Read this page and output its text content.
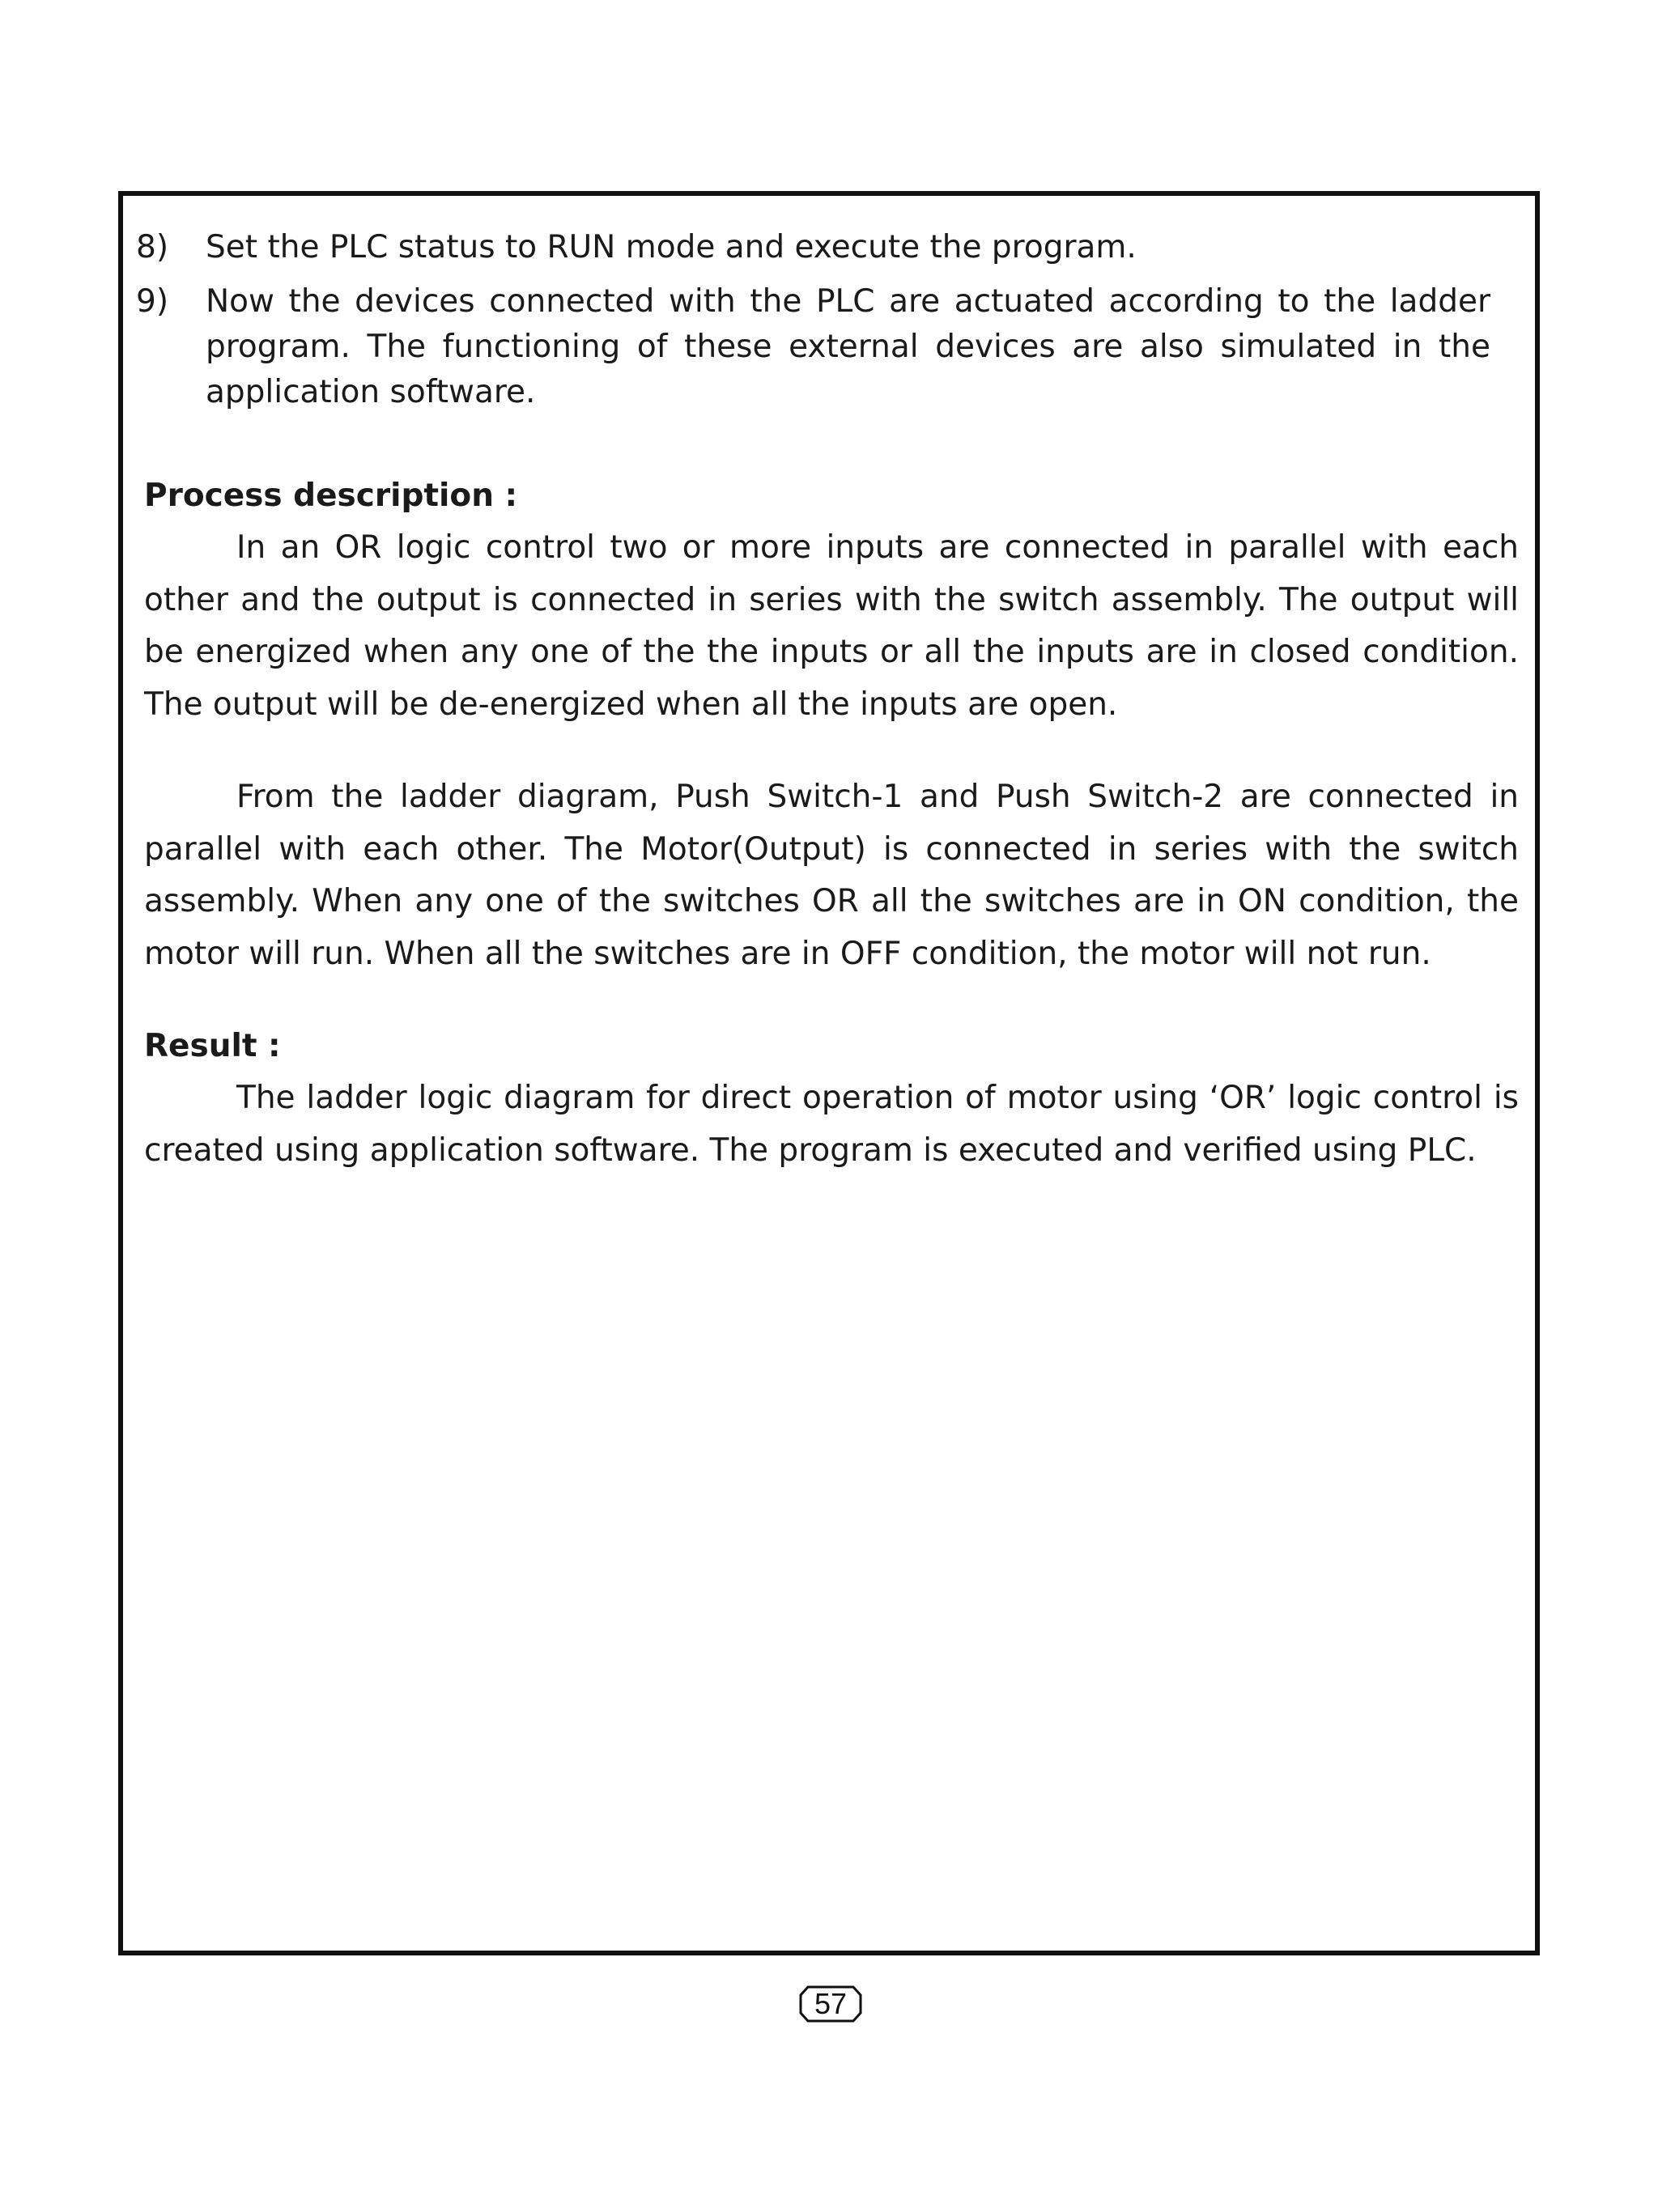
8)	Set the PLC status to RUN mode and execute the program.
9)	Now the devices connected with the PLC are actuated according to the ladder program. The functioning of these external devices are also simulated in the application software.

Process description :

In an OR logic control two or more inputs are connected in parallel with each other and the output is connected in series with the switch assembly. The output will be energized when any one of the the inputs or all the inputs are in closed condition. The output will be de-energized when all the inputs are open.

From the ladder diagram, Push Switch-1 and Push Switch-2 are connected in parallel with each other. The Motor(Output) is connected in series with the switch assembly. When any one of the switches OR all the switches are in ON condition, the motor will run. When all the switches are in OFF condition, the motor will not run.

Result :

The ladder logic diagram for direct operation of motor using ‘OR’ logic control is created using application software. The program is executed and verified using PLC.

57
